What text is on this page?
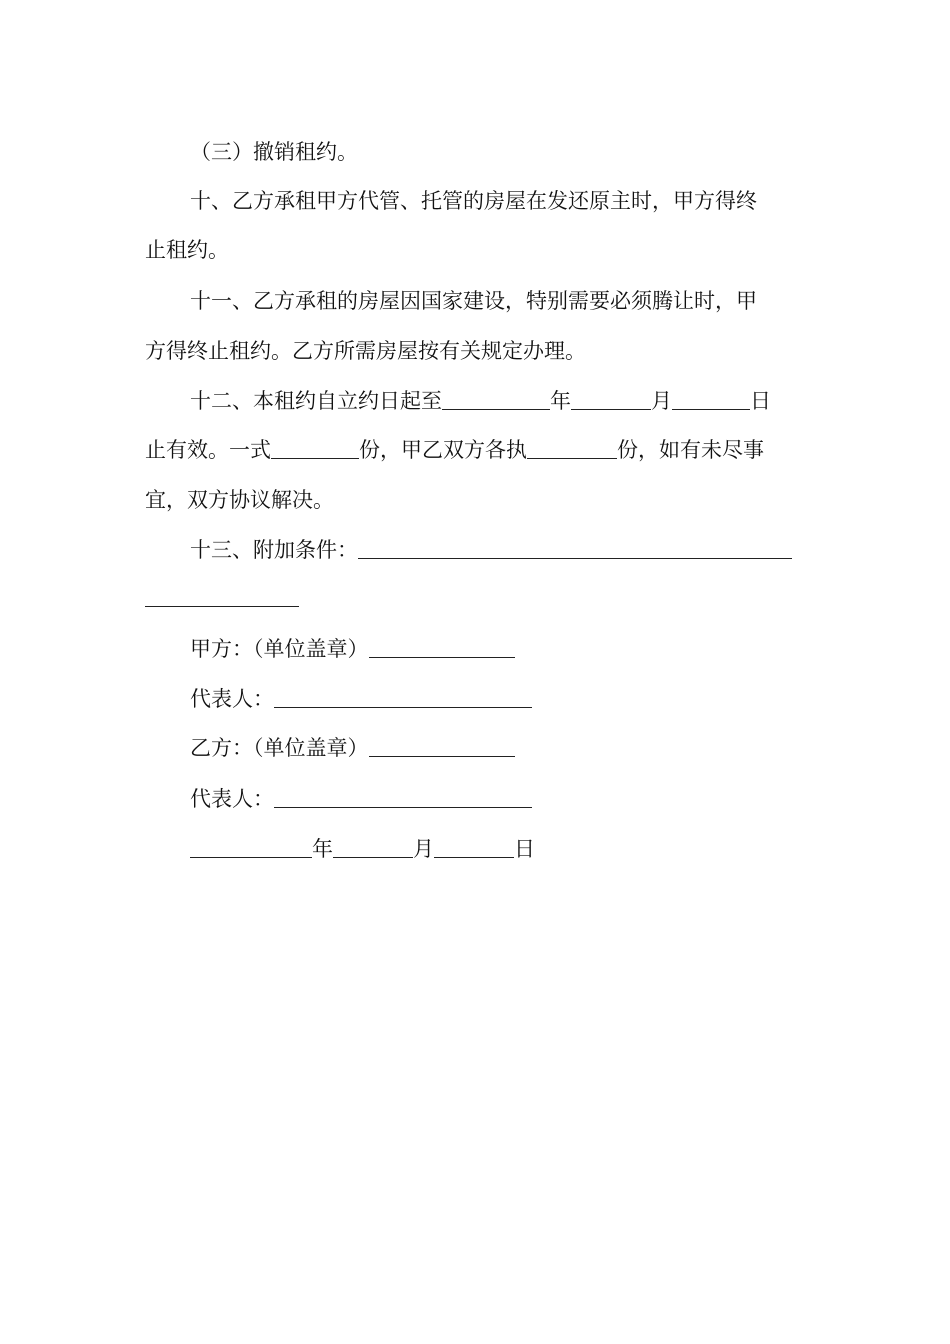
（三）撤销租约。
十、乙方承租甲方代管、托管的房屋在发还原主时，甲方得终
止租约。
十一、乙方承租的房屋因国家建设，特别需要必须腾让时，甲
方得终止租约。乙方所需房屋按有关规定办理。
十二、本租约自立约日起至	年	月	日
止有效。一式	份，甲乙双方各执	份，如有未尽事
宜，双方协议解决。
十三、附加条件：
甲方：（单位盖章）
代表人：
乙方：（单位盖章）
代表人：
年	月	日
